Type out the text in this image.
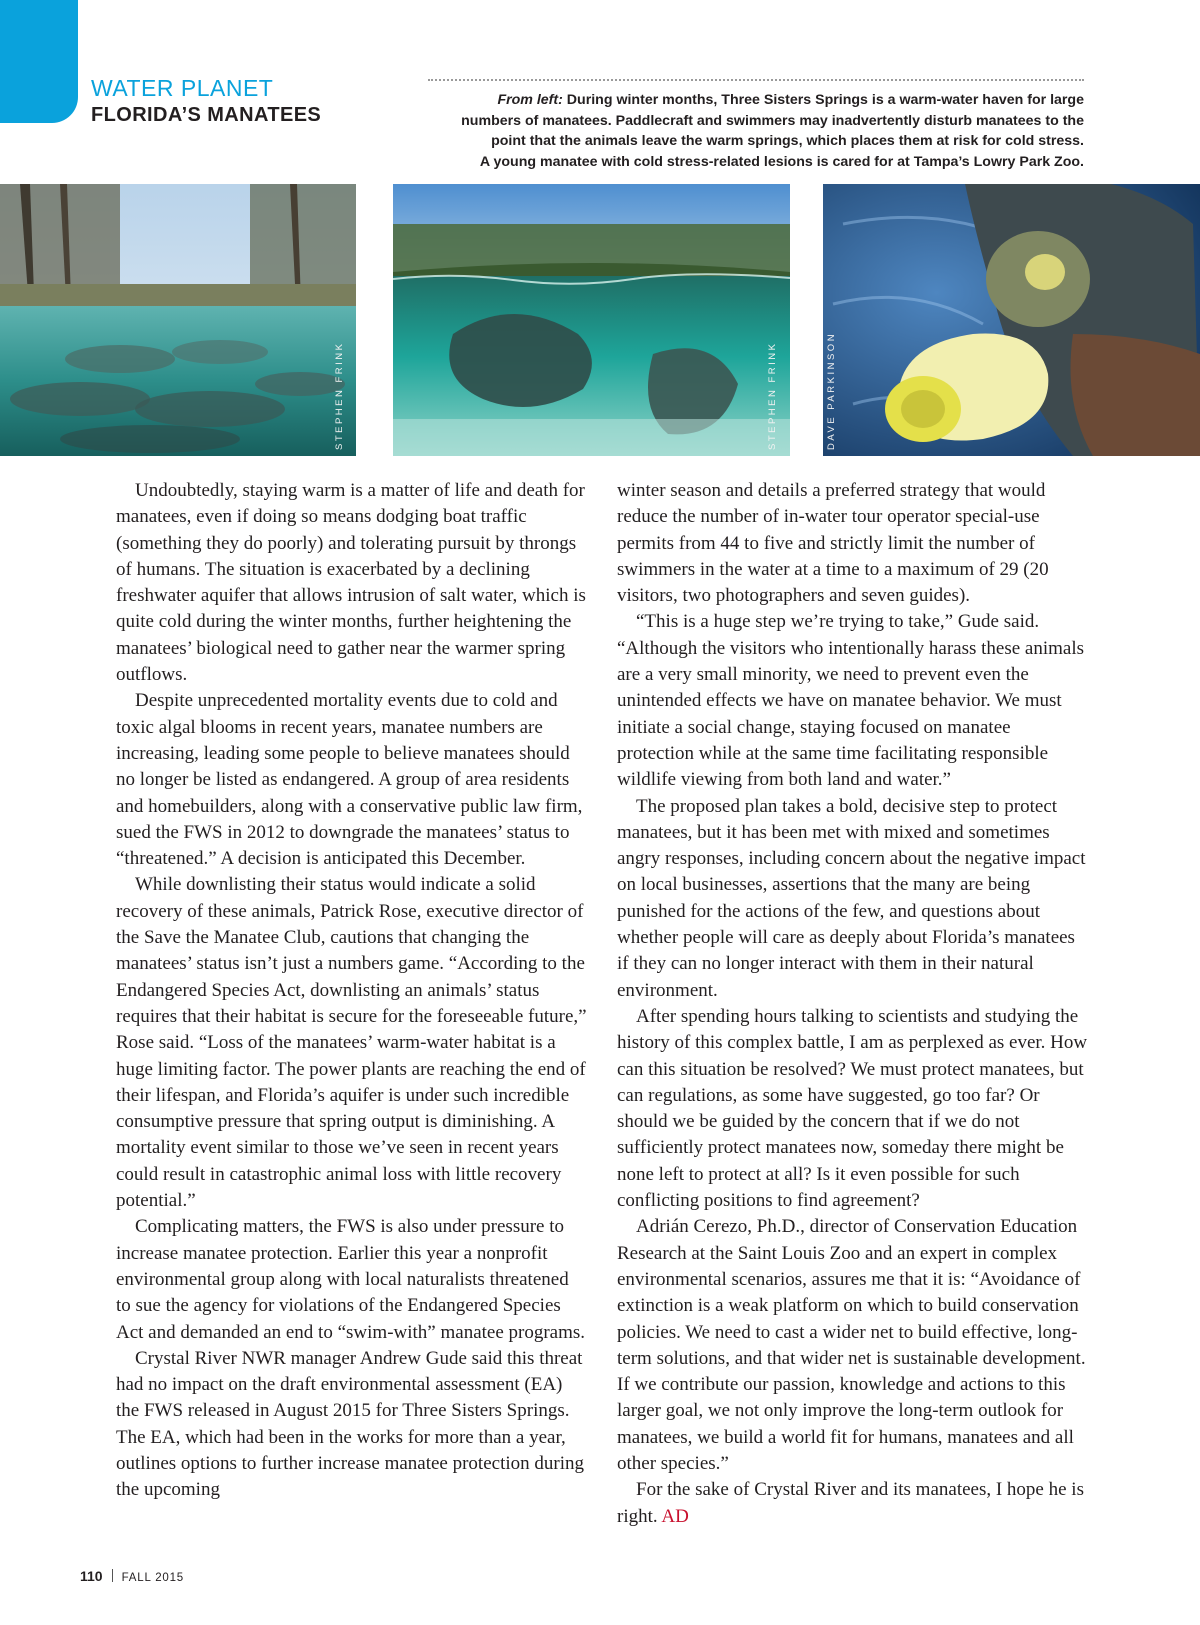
WATER PLANET
FLORIDA’S MANATEES
From left: During winter months, Three Sisters Springs is a warm-water haven for large
numbers of manatees. Paddlecraft and swimmers may inadvertently disturb manatees to the
point that the animals leave the warm springs, which places them at risk for cold stress.
A young manatee with cold stress-related lesions is cared for at Tampa’s Lowry Park Zoo.
STEPHEN FRINK	STEPHEN FRINK	DAVE PARKINSON

Undoubtedly, staying warm is a matter of life and death for manatees, even if doing so means dodging boat traffic (something they do poorly) and tolerating pursuit by throngs of humans. The situation is exacerbated by a declining freshwater aquifer that allows intrusion of salt water, which is quite cold during the winter months, further heightening the manatees’ biological need to gather near the warmer spring outflows.

Despite unprecedented mortality events due to cold and toxic algal blooms in recent years, manatee numbers are increasing, leading some people to believe manatees should no longer be listed as endangered. A group of area residents and homebuilders, along with a conservative public law firm, sued the FWS in 2012 to downgrade the manatees’ status to “threatened.” A decision is anticipated this December.

While downlisting their status would indicate a solid recovery of these animals, Patrick Rose, executive director of the Save the Manatee Club, cautions that changing the manatees’ status isn’t just a numbers game. “According to the Endangered Species Act, downlisting an animals’ status requires that their habitat is secure for the foreseeable future,” Rose said. “Loss of the manatees’ warm-water habitat is a huge limiting factor. The power plants are reaching the end of their lifespan, and Florida’s aquifer is under such incredible consumptive pressure that spring output is diminishing. A mortality event similar to those we’ve seen in recent years could result in catastrophic animal loss with little recovery potential.”

Complicating matters, the FWS is also under pressure to increase manatee protection. Earlier this year a nonprofit environmental group along with local naturalists threatened to sue the agency for violations of the Endangered Species Act and demanded an end to “swim-with” manatee programs.

Crystal River NWR manager Andrew Gude said this threat had no impact on the draft environmental assessment (EA) the FWS released in August 2015 for Three Sisters Springs. The EA, which had been in the works for more than a year, outlines options to further increase manatee protection during the upcoming

winter season and details a preferred strategy that would reduce the number of in-water tour operator special-use permits from 44 to five and strictly limit the number of swimmers in the water at a time to a maximum of 29 (20 visitors, two photographers and seven guides).

“This is a huge step we’re trying to take,” Gude said. “Although the visitors who intentionally harass these animals are a very small minority, we need to prevent even the unintended effects we have on manatee behavior. We must initiate a social change, staying focused on manatee protection while at the same time facilitating responsible wildlife viewing from both land and water.”

The proposed plan takes a bold, decisive step to protect manatees, but it has been met with mixed and sometimes angry responses, including concern about the negative impact on local businesses, assertions that the many are being punished for the actions of the few, and questions about whether people will care as deeply about Florida’s manatees if they can no longer interact with them in their natural environment.

After spending hours talking to scientists and studying the history of this complex battle, I am as perplexed as ever. How can this situation be resolved? We must protect manatees, but can regulations, as some have suggested, go too far? Or should we be guided by the concern that if we do not sufficiently protect manatees now, someday there might be none left to protect at all? Is it even possible for such conflicting positions to find agreement?

Adrián Cerezo, Ph.D., director of Conservation Education Research at the Saint Louis Zoo and an expert in complex environmental scenarios, assures me that it is: “Avoidance of extinction is a weak platform on which to build conservation policies. We need to cast a wider net to build effective, long-term solutions, and that wider net is sustainable development. If we contribute our passion, knowledge and actions to this larger goal, we not only improve the long-term outlook for manatees, we build a world fit for humans, manatees and all other species.”

For the sake of Crystal River and its manatees, I hope he is right. AD

110 FALL 2015
